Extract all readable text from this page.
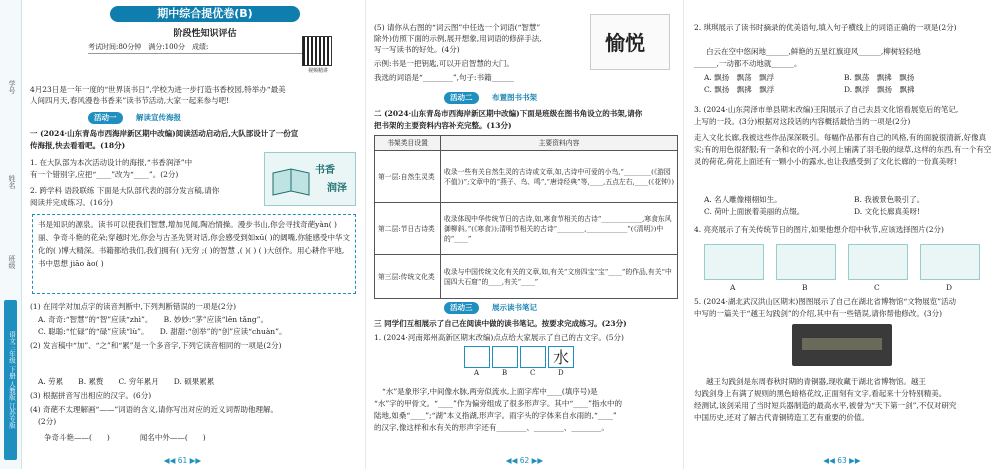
学号
姓名
班级
语文三年级 下册 人教版 江苏专版
期中综合提优卷(B)
阶段性知识评估
考试时间:80分钟　满分:100分　成绩:
视频精讲
4月23日是一年一度的“世界读书日”,学校为进一步打造书香校园,特举办“最美
人间四月天,春风漫卷书香来”读书节活动,大家一起来参与吧!
活动一	解读宣传海报
一 (2024·山东青岛市西海岸新区期中改编)阅读活动启动后,大队部设计了一份宣
传海报,快去看看吧。(18分)
1. 在大队部为本次活动设计的海报,“书香润泽”中
有一个错别字,应把“____”改为“____”。(2分)
2. 跨学科 语段联练 下面是大队部代表的部分发言稿,请你
阅读并完成练习。(16分)
书香
润泽
书是知识的源泉。读书可以使我们智慧,增加见闻,陶冶情操。漫步书山,你会寻找奇葩yàn( )丽、争奇斗艳的花朵;穿越时光,你会与古圣先贤对话,你会感受到如xū( )的阔嘴,你能感受中华文化的( )博大精深。书籍都给我们,我们拥有( )无穷 ;( )的智慧 ,( )( ) ( )大创作。用心耕作平地,书中思想 jiāo ào( )
(1) 在同学对加点字的读音判断中,下列判断错误的一项是(2分)
A. 奇奇:“智慧”的“智”应读“zhì”。　　B. 妙妙:“茅”应读“lēn tǎng”。
C. 聪聪:“忙碌”的“碌”应读“lù”。　　D. 甜甜:“创举”的“创”应读“chuàn”。
(2) 发言稿中“加”、“之”和“累”是一个多音字,下列它读音相同的一项是(2分)
A. 劳累　　B. 累赘　　C. 穷年累月　　D. 硕果累累
(3) 根据拼音写出相应的汉字。(6分)
(4) 奇葩不太理解画“——”词语的含义,请你写出对应的近义词帮助他理解。
(2分)
争奇斗艳——(　　)　　　　闻名中外——(　　)
◀◀ 61 ▶▶
(5) 请你从右图的“词云图”中任选一个词语(“智慧”
除外)仿照下面的示例,展开想象,用词语的修辞手法,
写一写读书的好处。(4分)
示例:书是一把钥匙,可以开启智慧的大门。
我选的词语是“________”,句子:书籍______
愉悦
活动二	布置图书书架
二 (2024·山东青岛市西海岸新区期中改编)下面是班级在图书角设立的书架,请你
把书架的主要资料内容补充完整。(13分)
书架类目设置	主要资料内容
第一层:自然生灵类	收录一些有关自然生灵的古诗或文章,如,古诗中可爱的小鸟,“________(《游园不值》)”;文章中的“燕子、鸟、鸣”,“唐诗经典”等,____,五点左右,____(《花钟》)
第二层:节日古诗类	收录体现中华传统节日的古诗,如,寒食节相关的古诗“____________,寒食东风御柳斜。”(《寒食》);清明节相关的古诗“________,____________”(《清明》)中的“____”
第三层:传统文化类	收录与中国传统文化有关的文章,如,有关“文房四宝”宝“____”的作品,有关“中国四大石窟”的____,有关“____”
活动三	展示读书笔记
三 同学们互相展示了自己在阅读中做的读书笔记。按要求完成练习。(23分)
1. (2024·河南郑州高新区期末改编)点点给大家展示了自己的古文字。(5分)
水
A	B	C	D
“水”是象形字,中间像水脉,两旁似流水,上面字库中____(填序号)是
“水”字的甲骨文。“____”作为偏旁组成了很多形声字。其中“____”指水中的
陆地,如桑“____”;“湖”本义指湖,形声字。雨字头的字体来自水雨的,“____”
的汉字,像这样和水有关的形声字还有________、________、________。
◀◀ 62 ▶▶
2. 琪琪展示了读书时摘录的优美语句,填入句子横线上的词语正确的一项是(2分)
白云在空中悠闲地______,鲜艳的五星红旗迎风______,柳树轻轻地
______,一动都不动地就______。
A. 飘扬　飘荡　飘浮	B. 飘荡　飘拂　飘扬
C. 飘扬　飘拂　飘浮	D. 飘浮　飘扬　飘拂
3. (2024·山东菏泽市单县期末改编)王阳展示了自己去县文化馆看展览后的笔记,
上写的一段。(3分)根据对这段话的内容概括最恰当的一项是(2分)
走入文化长廊,我被这些作品深深吸引。每幅作品都有自己的风格,有的面貌很清新,好像真实;有的用色很舒服;有一条和衣的小河,小河上铺满了羽毛般的绿草,这样的东西,有一个有空灵的荷花,荷花上面还有一颗小小的露水,也让我感受到了文化长廊的一份真美呀!
A. 名人雕像栩栩如生。	B. 我被景色吸引了。
C. 荷叶上面嵌着美丽的点缀。	D. 文化长廊真美呀!
4. 亮亮展示了有关传统节日的图片,如果他想介绍中秋节,应该选择图片(2分)
A	B	C	D
5. (2024·湖北武汉洪山区期末)图图展示了自己在湖北省博物馆“文物展览”活动
中写的一篇关于“越王勾践剑”的介绍,其中有一些错误,请你帮他修改。(3分)
越王勾践剑是东周春秋时期的青铜器,现收藏于湖北省博物馆。越王
勾践剑身上有满了规则的黑色暗格花纹,正面刻有文字,看起来十分特别精美。
经测试,该剑采用了当时短兵器制造的最高水平,被誉为“天下第一剑”,不仅对研究
中国历史,还对了解古代青铜铸造工艺有重要的价值。
◀◀ 63 ▶▶
